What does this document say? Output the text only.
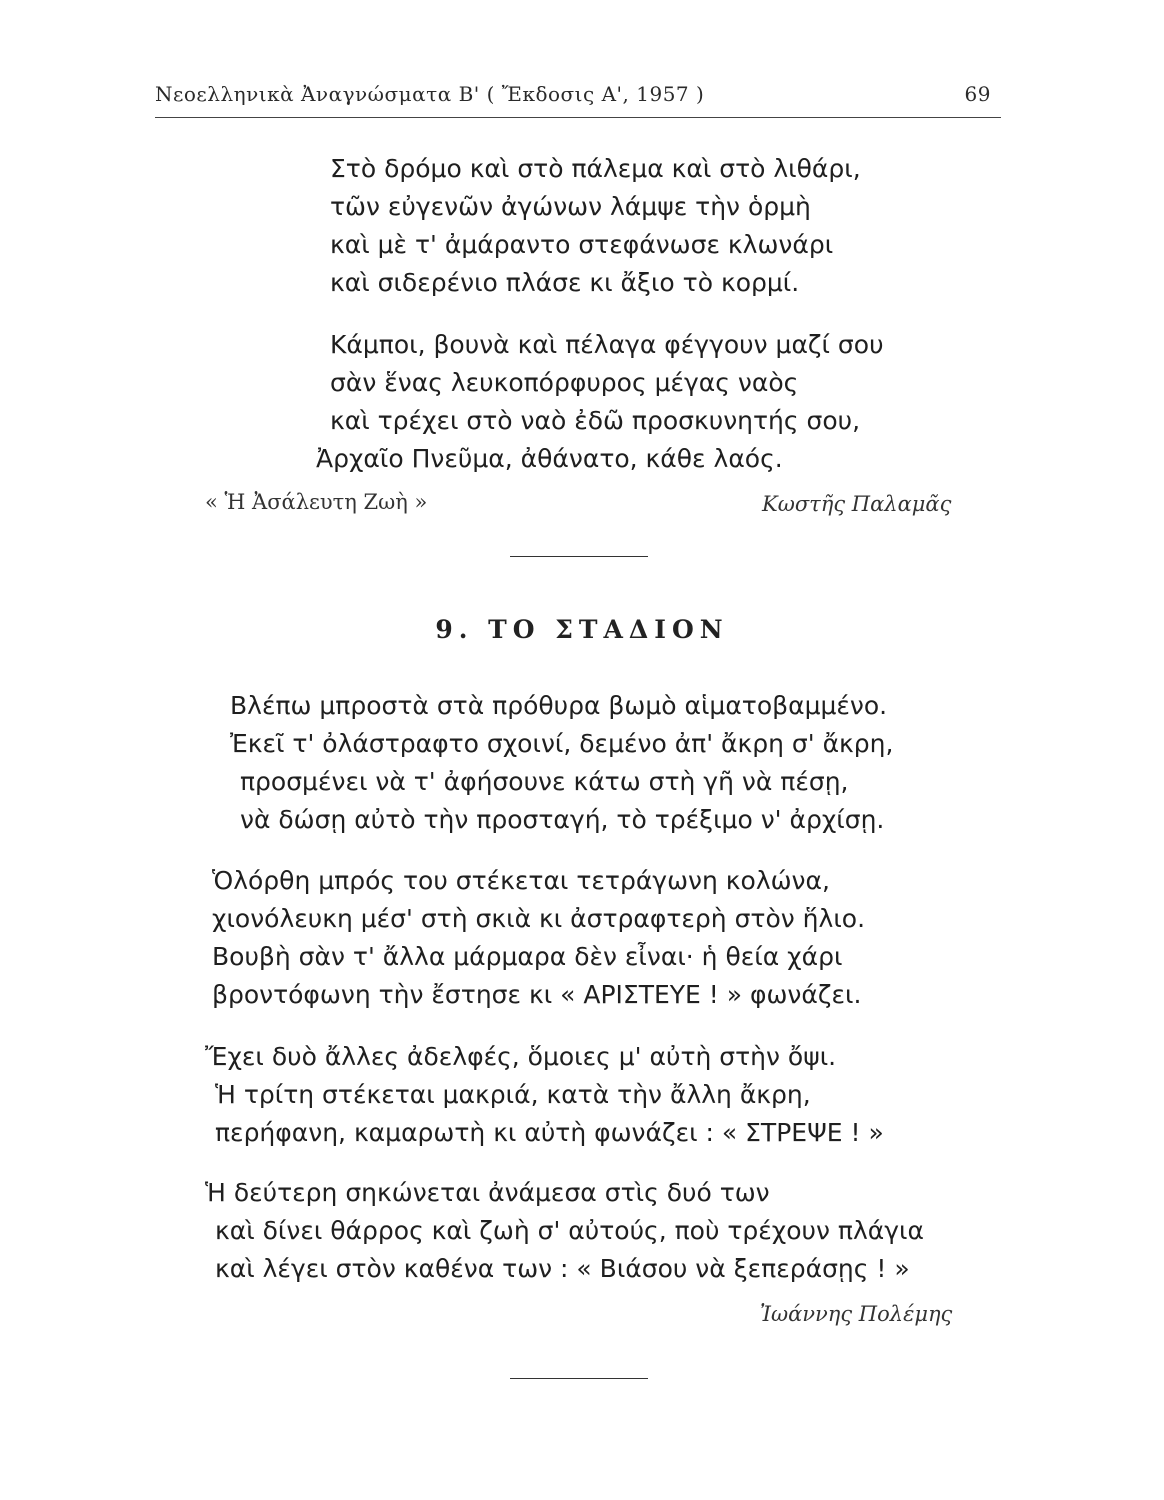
Νεοελληνικὰ Ἀναγνώσματα Β' ( Ἔκδοσις Α', 1957 )	69
Στὸ δρόμο καὶ στὸ πάλεμα καὶ στὸ λιθάρι,
τῶν εὐγενῶν ἀγώνων λάμψε τὴν ὁρμὴ
καὶ μὲ τ' ἀμάραντο στεφάνωσε κλωνάρι
καὶ σιδερένιο πλάσε κι ἄξιο τὸ κορμί.
Κάμποι, βουνὰ καὶ πέλαγα φέγγουν μαζί σου
σὰν ἕνας λευκοπόρφυρος μέγας ναὸς
καὶ τρέχει στὸ ναὸ ἐδῶ προσκυνητής σου,
Ἀρχαῖο Πνεῦμα, ἀθάνατο, κάθε λαός.
« Ἡ Ἀσάλευτη Ζωὴ »	Κωστῆς Παλαμᾶς
9. ΤΟ ΣΤΑΔΙΟΝ
Βλέπω μπροστὰ στὰ πρόθυρα βωμὸ αἱματοβαμμένο.
Ἐκεῖ τ' ὀλάστραφτο σχοινί, δεμένο ἀπ' ἄκρη σ' ἄκρη,
προσμένει νὰ τ' ἀφήσουνε κάτω στὴ γῆ νὰ πέσῃ,
νὰ δώσῃ αὐτὸ τὴν προσταγή, τὸ τρέξιμο ν' ἀρχίσῃ.
Ὁλόρθη μπρός του στέκεται τετράγωνη κολώνα,
χιονόλευκη μέσ' στὴ σκιὰ κι ἀστραφτερὴ στὸν ἥλιο.
Βουβὴ σὰν τ' ἄλλα μάρμαρα δὲν εἶναι· ἡ θεία χάρι
βροντόφωνη τὴν ἔστησε κι « ΑΡΙΣΤΕΥΕ ! » φωνάζει.
Ἔχει δυὸ ἄλλες ἀδελφές, ὅμοιες μ' αὐτὴ στὴν ὄψι.
Ἡ τρίτη στέκεται μακριά, κατὰ τὴν ἄλλη ἄκρη,
περήφανη, καμαρωτὴ κι αὐτὴ φωνάζει : « ΣΤΡΕΨΕ ! »
Ἡ δεύτερη σηκώνεται ἀνάμεσα στὶς δυό των
καὶ δίνει θάρρος καὶ ζωὴ σ' αὐτούς, ποὺ τρέχουν πλάγια
καὶ λέγει στὸν καθένα των : « Βιάσου νὰ ξεπεράσῃς ! »
Ἰωάννης Πολέμης
